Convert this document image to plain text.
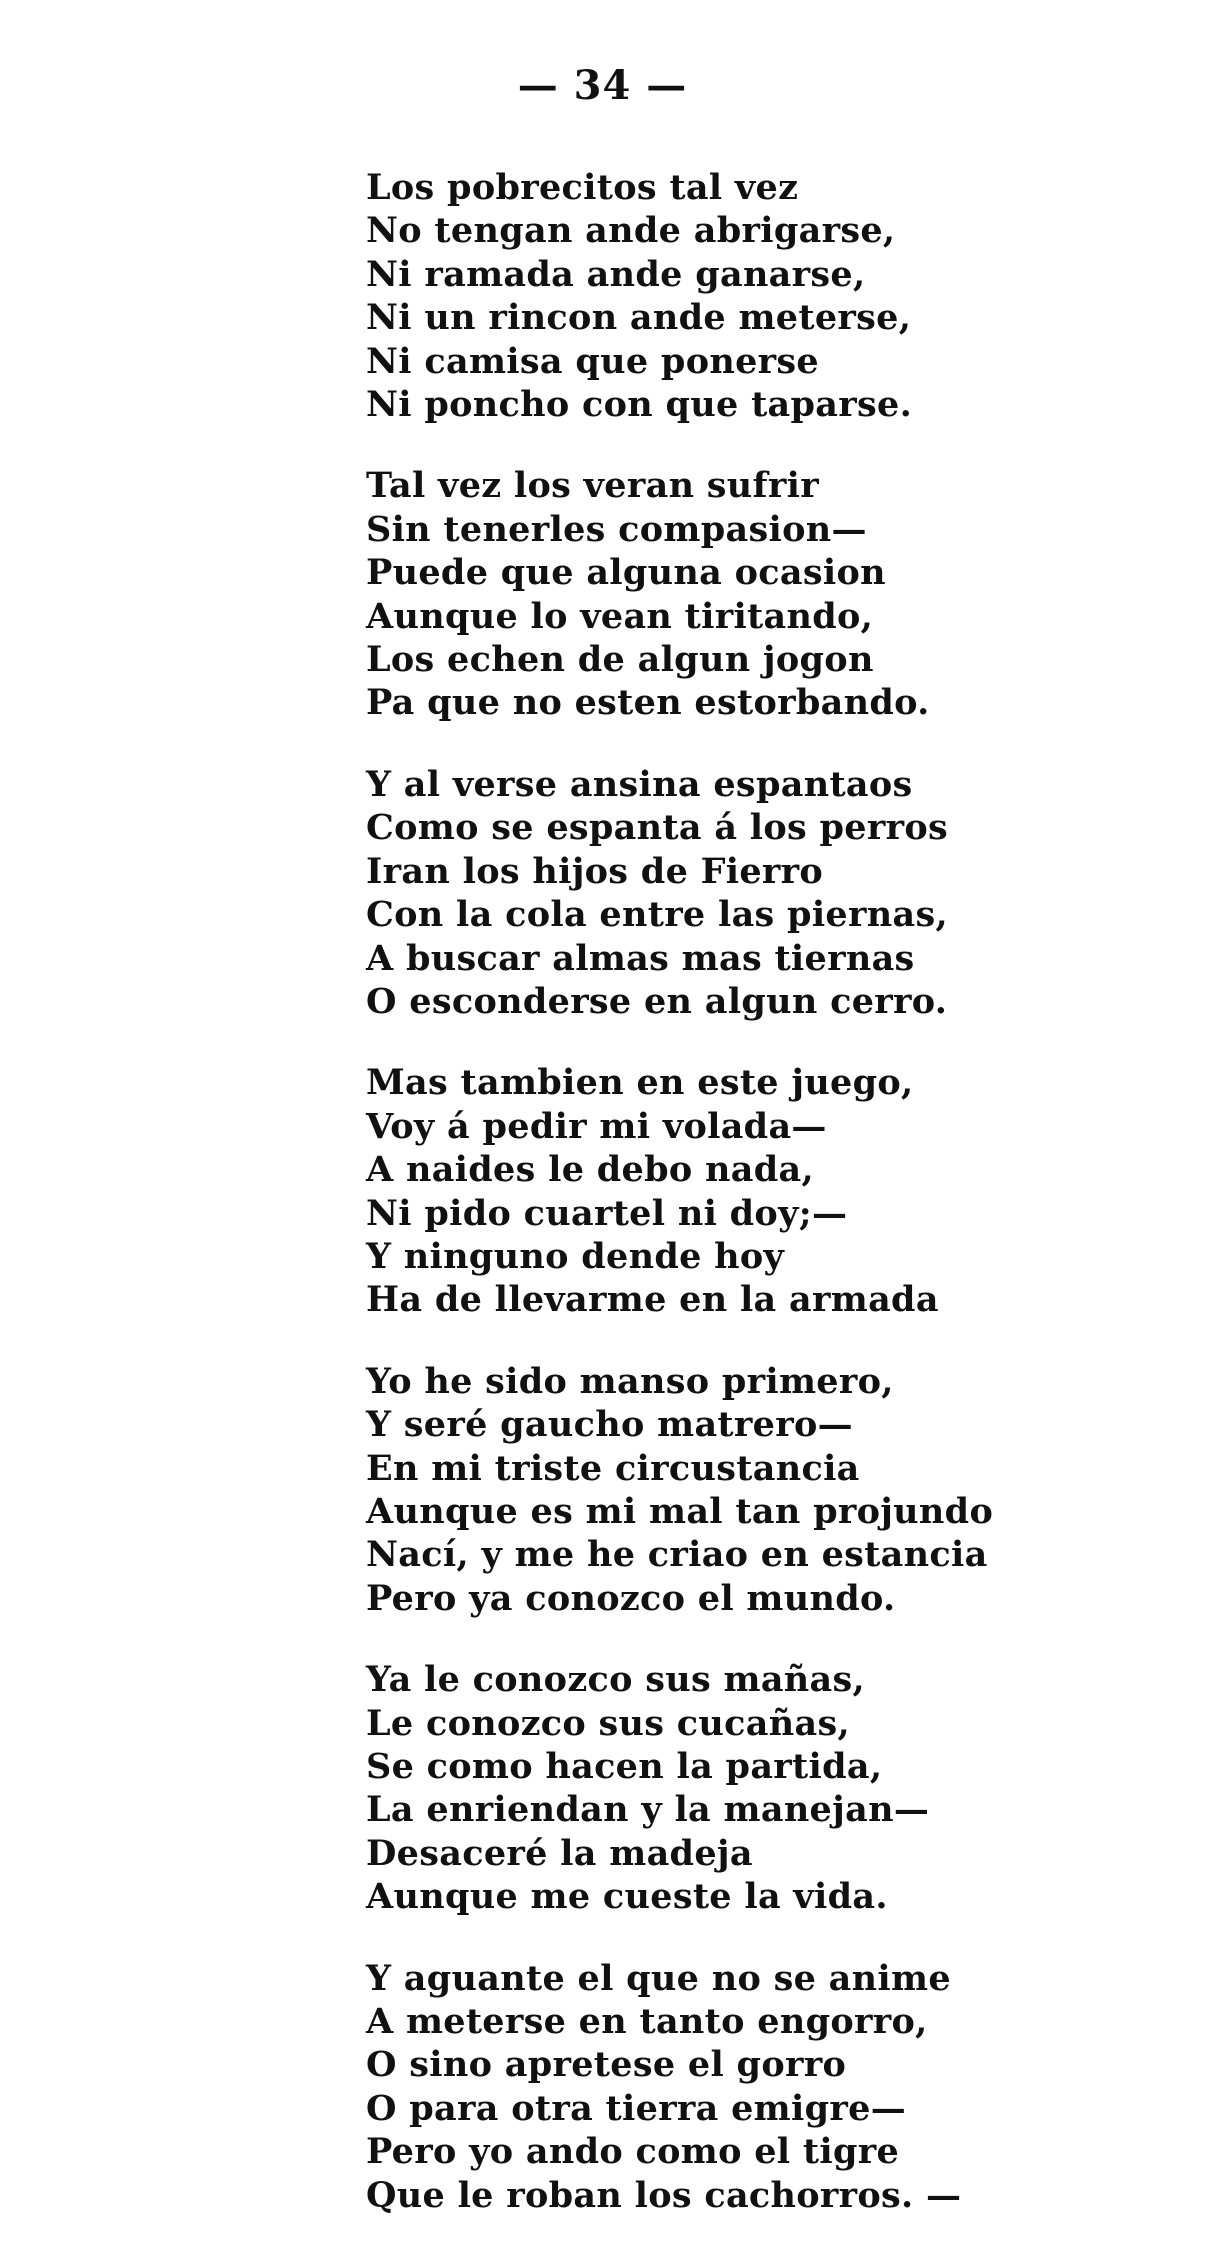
— 34 —
Los pobrecitos tal vez
No tengan ande abrigarse,
Ni ramada ande ganarse,
Ni un rincon ande meterse,
Ni camisa que ponerse
Ni poncho con que taparse.
Tal vez los veran sufrir
Sin tenerles compasion—
Puede que alguna ocasion
Aunque lo vean tiritando,
Los echen de algun jogon
Pa que no esten estorbando.
Y al verse ansina espantaos
Como se espanta á los perros
Iran los hijos de Fierro
Con la cola entre las piernas,
A buscar almas mas tiernas
O esconderse en algun cerro.
Mas tambien en este juego,
Voy á pedir mi volada—
A naides le debo nada,
Ni pido cuartel ni doy;—
Y ninguno dende hoy
Ha de llevarme en la armada
Yo he sido manso primero,
Y seré gaucho matrero—
En mi triste circustancia
Aunque es mi mal tan projundo
Nací, y me he criao en estancia
Pero ya conozco el mundo.
Ya le conozco sus mañas,
Le conozco sus cucañas,
Se como hacen la partida,
La enriendan y la manejan—
Desaceré la madeja
Aunque me cueste la vida.
Y aguante el que no se anime
A meterse en tanto engorro,
O sino apretese el gorro
O para otra tierra emigre—
Pero yo ando como el tigre
Que le roban los cachorros. —
